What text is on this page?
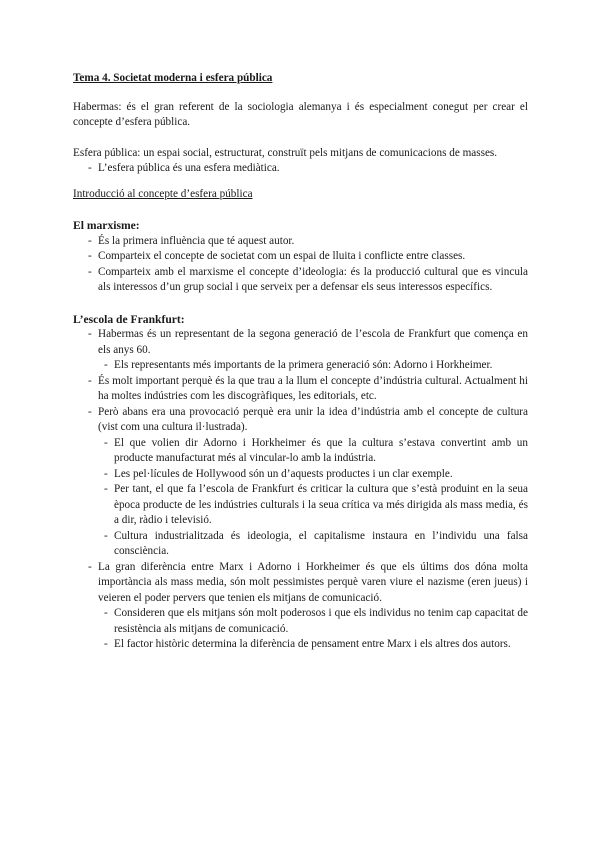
Tema 4. Societat moderna i esfera pública

Habermas: és el gran referent de la sociologia alemanya i és especialment conegut per crear el concepte d’esfera pública.

Esfera pública: un espai social, estructurat, construït pels mitjans de comunicacions de masses.

- L’esfera pública és una esfera mediàtica.

Introducció al concepte d’esfera pública

El marxisme:

- És la primera influència que té aquest autor.
- Comparteix el concepte de societat com un espai de lluita i conflicte entre classes.
- Comparteix amb el marxisme el concepte d’ideologia: és la producció cultural que es vincula als interessos d’un grup social i que serveix per a defensar els seus interessos específics.

L’escola de Frankfurt:

- Habermas és un representant de la segona generació de l’escola de Frankfurt que comença en els anys 60.
- Els representants més importants de la primera generació són: Adorno i Horkheimer.
- És molt important perquè és la que trau a la llum el concepte d’indústria cultural. Actualment hi ha moltes indústries com les discogràfiques, les editorials, etc.
- Però abans era una provocació perquè era unir la idea d’indústria amb el concepte de cultura (vist com una cultura il·lustrada).
- El que volien dir Adorno i Horkheimer és que la cultura s’estava convertint amb un producte manufacturat més al vincular-lo amb la indústria.
- Les pel·lícules de Hollywood són un d’aquests productes i un clar exemple.
- Per tant, el que fa l’escola de Frankfurt és criticar la cultura que s’està produint en la seua època producte de les indústries culturals i la seua crítica va més dirigida als mass media, és a dir, ràdio i televisió.
- Cultura industrialitzada és ideologia, el capitalisme instaura en l’individu una falsa consciència.
- La gran diferència entre Marx i Adorno i Horkheimer és que els últims dos dóna molta importància als mass media, són molt pessimistes perquè varen viure el nazisme (eren jueus) i veieren el poder pervers que tenien els mitjans de comunicació.
- Consideren que els mitjans són molt poderosos i que els individus no tenim cap capacitat de resistència als mitjans de comunicació.
- El factor històric determina la diferència de pensament entre Marx i els altres dos autors.
